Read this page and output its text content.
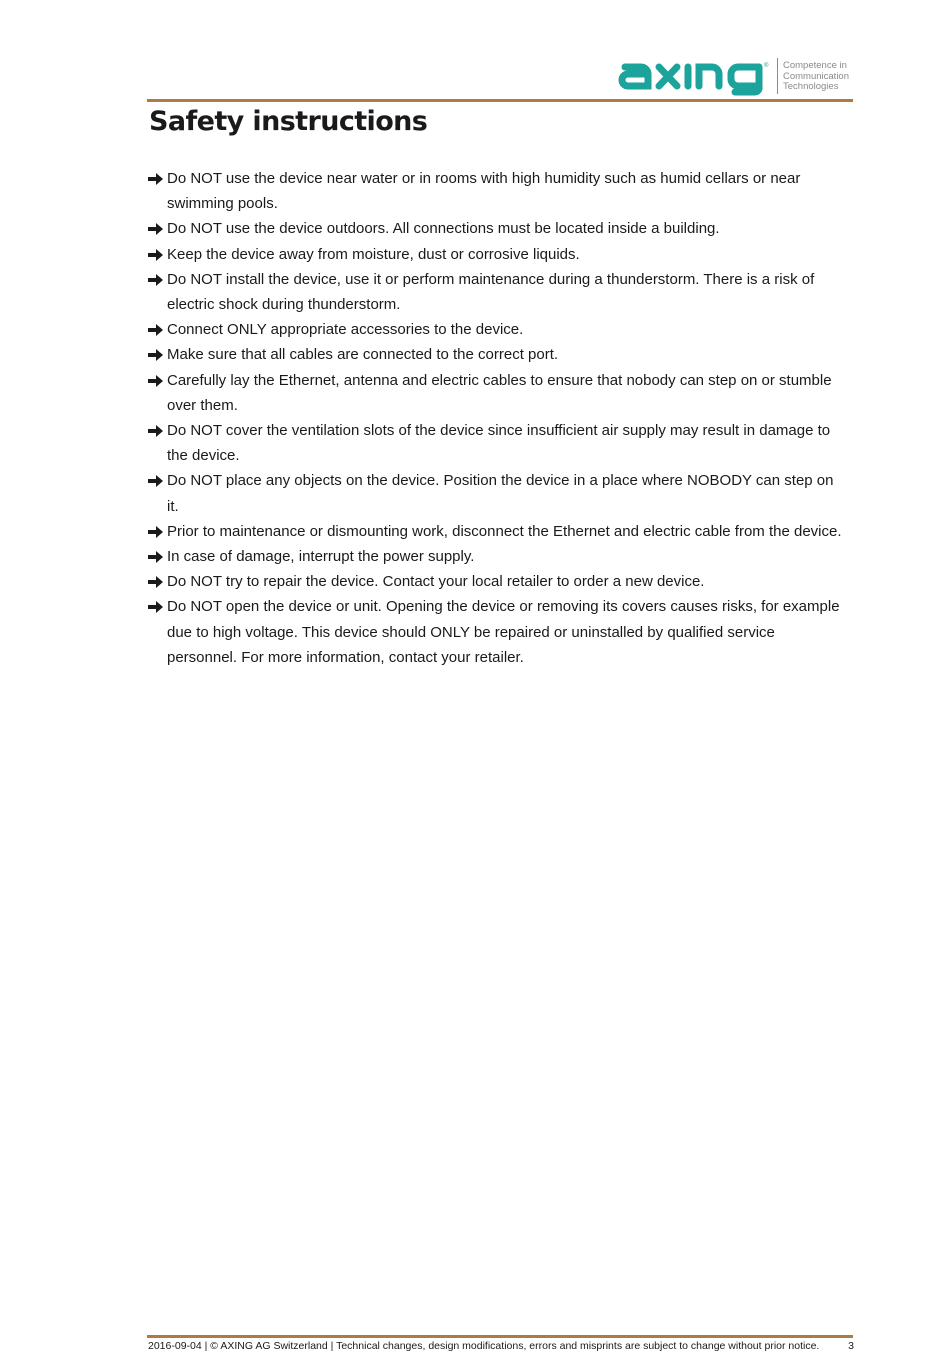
® Competence in
Communication
Technologies
Safety instructions
Do NOT use the device near water or in rooms with high humidity such as humid cellars or near swimming pools.
Do NOT use the device outdoors. All connections must be located inside a building.
Keep the device away from moisture, dust or corrosive liquids.
Do NOT install the device, use it or perform maintenance during a thunderstorm. There is a risk of electric shock during thunderstorm.
Connect ONLY appropriate accessories to the device.
Make sure that all cables are connected to the correct port.
Carefully lay the Ethernet, antenna and electric cables to ensure that nobody can step on or stumble over them.
Do NOT cover the ventilation slots of the device since insufficient air supply may result in damage to the device.
Do NOT place any objects on the device. Position the device in a place where NOBODY can step on it.
Prior to maintenance or dismounting work, disconnect the Ethernet and electric cable from the device.
In case of damage, interrupt the power supply.
Do NOT try to repair the device. Contact your local retailer to order a new device.
Do NOT open the device or unit. Opening the device or removing its covers causes risks, for example due to high voltage. This device should ONLY be repaired or uninstalled by qualified service personnel. For more information, contact your retailer.
2016-09-04 | © AXING AG Switzerland | Technical changes, design modifications, errors and misprints are subject to change without prior notice.	3
